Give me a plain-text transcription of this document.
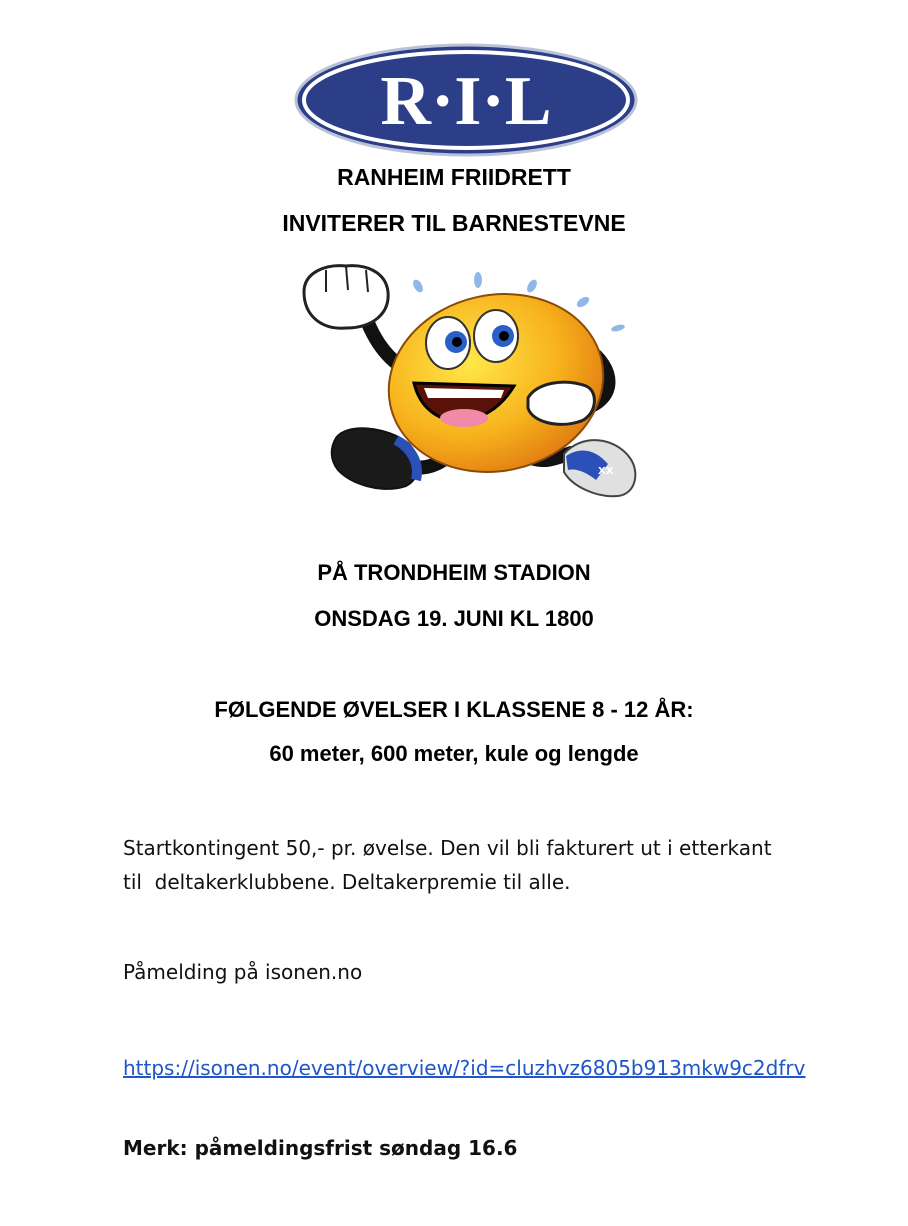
R·I·L
RANHEIM FRIIDRETT
INVITERER TIL BARNESTEVNE
XX
PÅ TRONDHEIM STADION
ONSDAG 19. JUNI KL 1800
FØLGENDE ØVELSER I KLASSENE 8 - 12 ÅR:
60 meter, 600 meter, kule og lengde
Startkontingent 50,- pr. øvelse. Den vil bli fakturert ut i etterkant
til  deltakerklubbene. Deltakerpremie til alle.
Påmelding på isonen.no
https://isonen.no/event/overview/?id=cluzhvz6805b913mkw9c2dfrv
Merk: påmeldingsfrist søndag 16.6
